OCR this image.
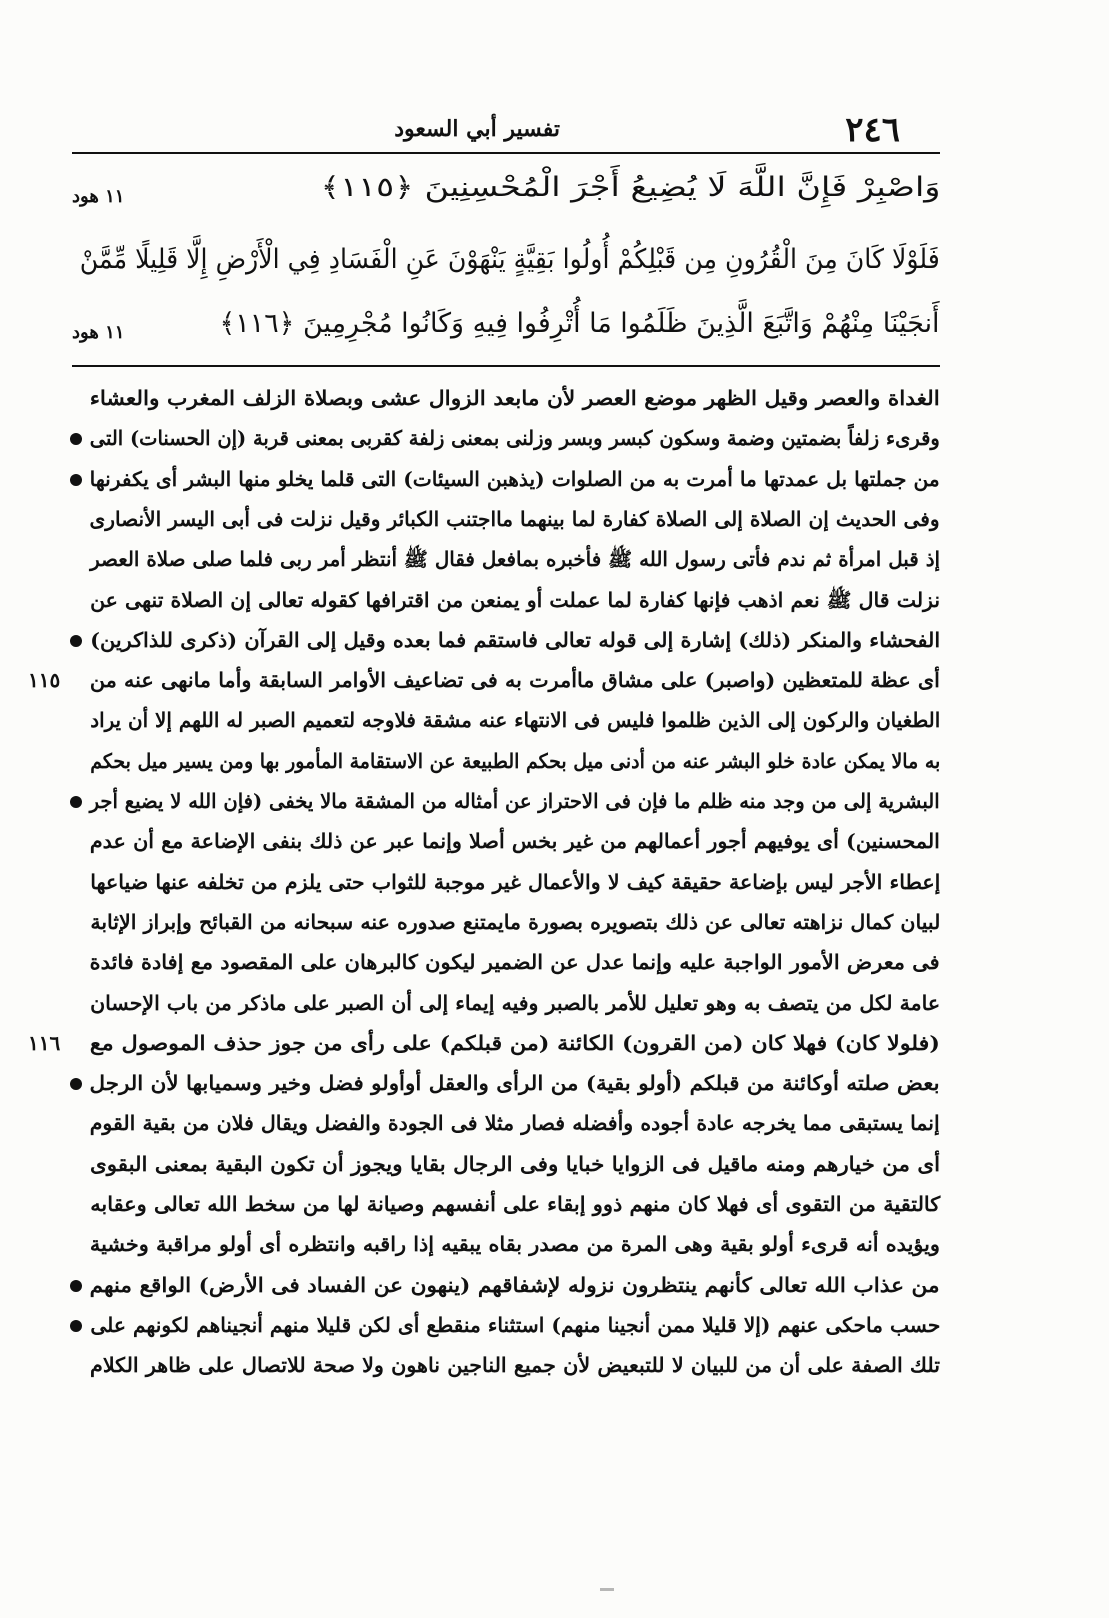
٢٤٦
تفسير أبي السعود
وَاصْبِرْ فَإِنَّ اللَّهَ لَا يُضِيعُ أَجْرَ الْمُحْسِنِينَ ﴿١١٥﴾
١١ هود
فَلَوْلَا كَانَ مِنَ الْقُرُونِ مِن قَبْلِكُمْ أُولُوا بَقِيَّةٍ يَنْهَوْنَ عَنِ الْفَسَادِ فِي الْأَرْضِ إِلَّا قَلِيلًا مِّمَّنْ
أَنجَيْنَا مِنْهُمْ وَاتَّبَعَ الَّذِينَ ظَلَمُوا مَا أُتْرِفُوا فِيهِ وَكَانُوا مُجْرِمِينَ ﴿١١٦﴾
١١ هود
الغداة والعصر وقيل الظهر موضع العصر لأن مابعد الزوال عشى وبصلاة الزلف المغرب والعشاء
وقرىء زلفاً بضمتين وضمة وسكون كبسر وبسر وزلنى بمعنى زلفة كقربى بمعنى قربة (إن الحسنات) التى
من جملتها بل عمدتها ما أمرت به من الصلوات (يذهبن السيئات) التى قلما يخلو منها البشر أى يكفرنها
وفى الحديث إن الصلاة إلى الصلاة كفارة لما بينهما مااجتنب الكبائر وقيل نزلت فى أبى اليسر الأنصارى
إذ قبل امرأة ثم ندم فأتى رسول الله ﷺ فأخبره بمافعل فقال ﷺ أنتظر أمر ربى فلما صلى صلاة العصر
نزلت قال ﷺ نعم اذهب فإنها كفارة لما عملت أو يمنعن من اقترافها كقوله تعالى إن الصلاة تنهى عن
الفحشاء والمنكر (ذلك) إشارة إلى قوله تعالى فاستقم فما بعده وقيل إلى القرآن (ذكرى للذاكرين)
أى عظة للمتعظين (واصبر) على مشاق ماأمرت به فى تضاعيف الأوامر السابقة وأما مانهى عنه من
١١٥
الطغيان والركون إلى الذين ظلموا فليس فى الانتهاء عنه مشقة فلاوجه لتعميم الصبر له اللهم إلا أن يراد
به مالا يمكن عادة خلو البشر عنه من أدنى ميل بحكم الطبيعة عن الاستقامة المأمور بها ومن يسير ميل بحكم
البشرية إلى من وجد منه ظلم ما فإن فى الاحتراز عن أمثاله من المشقة مالا يخفى (فإن الله لا يضيع أجر
المحسنين) أى يوفيهم أجور أعمالهم من غير بخس أصلا وإنما عبر عن ذلك بنفى الإضاعة مع أن عدم
إعطاء الأجر ليس بإضاعة حقيقة كيف لا والأعمال غير موجبة للثواب حتى يلزم من تخلفه عنها ضياعها
لبيان كمال نزاهته تعالى عن ذلك بتصويره بصورة مايمتنع صدوره عنه سبحانه من القبائح وإبراز الإثابة
فى معرض الأمور الواجبة عليه وإنما عدل عن الضمير ليكون كالبرهان على المقصود مع إفادة فائدة
عامة لكل من يتصف به وهو تعليل للأمر بالصبر وفيه إيماء إلى أن الصبر على ماذكر من باب الإحسان
(فلولا كان) فهلا كان (من القرون) الكائنة (من قبلكم) على رأى من جوز حذف الموصول مع
١١٦
بعض صلته أوكائنة من قبلكم (أولو بقية) من الرأى والعقل أوأولو فضل وخير وسميابها لأن الرجل
إنما يستبقى مما يخرجه عادة أجوده وأفضله فصار مثلا فى الجودة والفضل ويقال فلان من بقية القوم
أى من خيارهم ومنه ماقيل فى الزوايا خبايا وفى الرجال بقايا ويجوز أن تكون البقية بمعنى البقوى
كالتقية من التقوى أى فهلا كان منهم ذوو إبقاء على أنفسهم وصيانة لها من سخط الله تعالى وعقابه
ويؤيده أنه قرىء أولو بقية وهى المرة من مصدر بقاه يبقيه إذا راقبه وانتظره أى أولو مراقبة وخشية
من عذاب الله تعالى كأنهم ينتظرون نزوله لإشفاقهم (ينهون عن الفساد فى الأرض) الواقع منهم
حسب ماحكى عنهم (إلا قليلا ممن أنجينا منهم) استثناء منقطع أى لكن قليلا منهم أنجيناهم لكونهم على
تلك الصفة على أن من للبيان لا للتبعيض لأن جميع الناجين ناهون ولا صحة للاتصال على ظاهر الكلام
